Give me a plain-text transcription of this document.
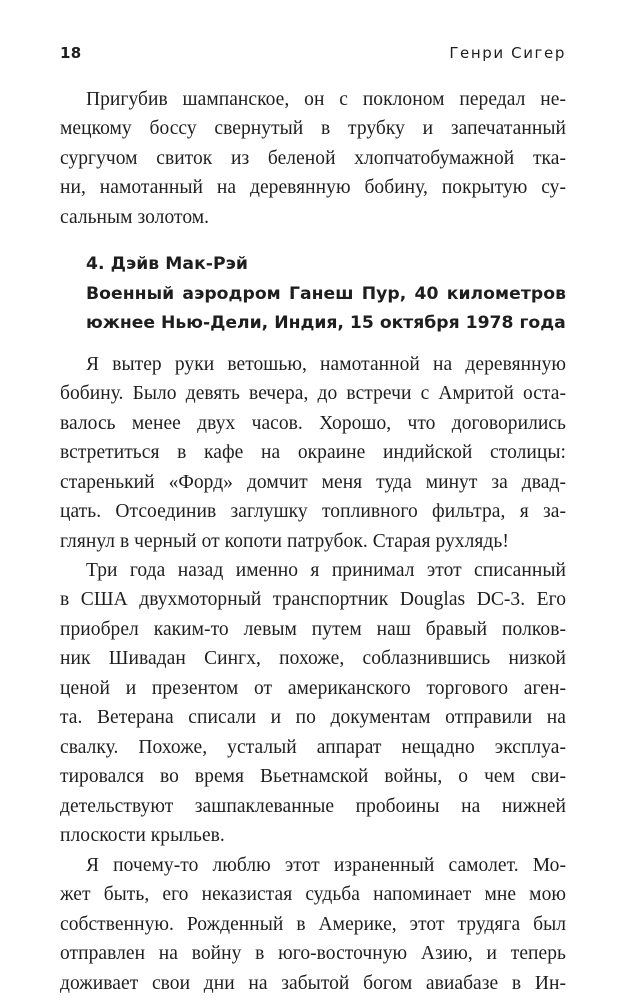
18	Генри Сигер
Пригубив шампанское, он с поклоном передал не-
мецкому боссу свернутый в трубку и запечатанный
сургучом свиток из беленой хлопчатобумажной тка-
ни, намотанный на деревянную бобину, покрытую су-
сальным золотом.
4. Дэйв Мак-Рэй
Военный аэродром Ганеш Пур, 40 километров
южнее Нью-Дели, Индия, 15 октября 1978 года
Я вытер руки ветошью, намотанной на деревянную
бобину. Было девять вечера, до встречи с Амритой оста-
валось менее двух часов. Хорошо, что договорились
встретиться в кафе на окраине индийской столицы:
старенький «Форд» домчит меня туда минут за двад-
цать. Отсоединив заглушку топливного фильтра, я за-
глянул в черный от копоти патрубок. Старая рухлядь!
Три года назад именно я принимал этот списанный
в США двухмоторный транспортник Douglas DC-3. Его
приобрел каким-то левым путем наш бравый полков-
ник Шивадан Сингх, похоже, соблазнившись низкой
ценой и презентом от американского торгового аген-
та. Ветерана списали и по документам отправили на
свалку. Похоже, усталый аппарат нещадно эксплуа-
тировался во время Вьетнамской войны, о чем сви-
детельствуют зашпаклеванные пробоины на нижней
плоскости крыльев.
Я почему-то люблю этот израненный самолет. Мо-
жет быть, его неказистая судьба напоминает мне мою
собственную. Рожденный в Америке, этот трудяга был
отправлен на войну в юго-восточную Азию, и теперь
доживает свои дни на забытой богом авиабазе в Ин-
